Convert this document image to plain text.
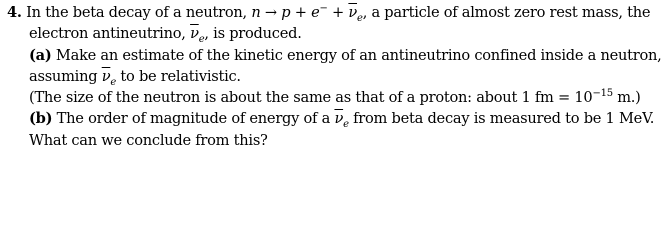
4. In the beta decay of a neutron, $n \to p + e^- + \overline{\nu}_e$, a particle of almost zero rest mass, the
electron antineutrino, $\overline{\nu}_e$, is produced.
(a) Make an estimate of the kinetic energy of an antineutrino confined inside a neutron,
assuming $\overline{\nu}_e$ to be relativistic.
(The size of the neutron is about the same as that of a proton: about 1 fm = $10^{-15}$ m.)
(b) The order of magnitude of energy of a $\overline{\nu}_e$ from beta decay is measured to be 1 MeV.
What can we conclude from this?
